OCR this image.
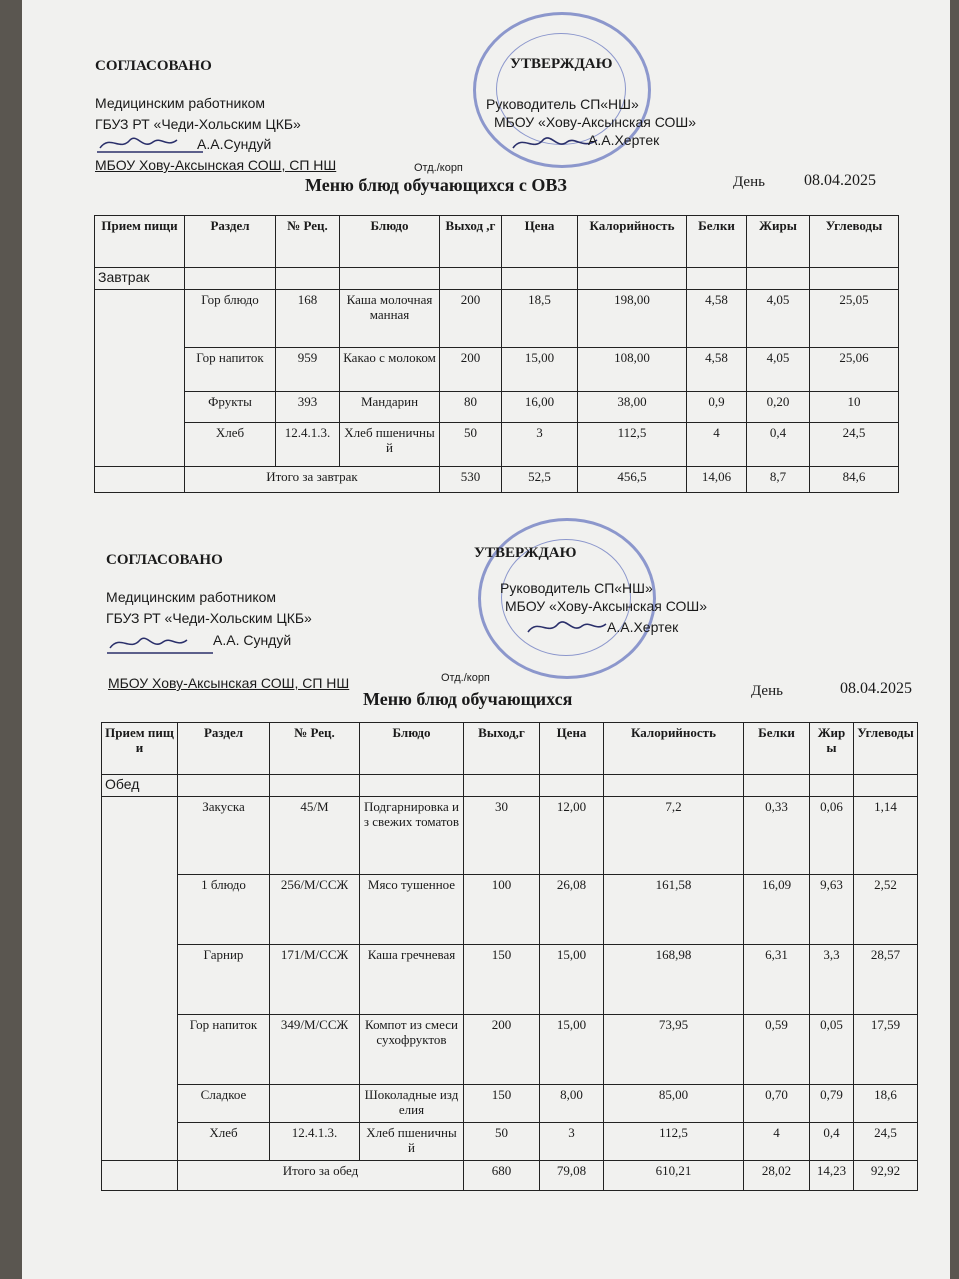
СОГЛАСОВАНО
Медицинским работником
ГБУЗ РТ «Чеди-Хольским ЦКБ»
А.А.Сундуй
МБОУ Хову-Аксынская СОШ, СП НШ	Отд./корп
УТВЕРЖДАЮ
Руководитель СП«НШ»
МБОУ «Хову-Аксынская СОШ»
А.А.Хертек
Меню блюд обучающихся с ОВЗ	День 08.04.2025
Прием пищи	Раздел	№ Рец.	Блюдо	Выход ,г	Цена	Калорийность	Белки	Жиры	Углеводы
Завтрак									
	Гор блюдо	168	Каша молочная манная	200	18,5	198,00	4,58	4,05	25,05
	Гор напиток	959	Какао с молоком	200	15,00	108,00	4,58	4,05	25,06
	Фрукты	393	Мандарин	80	16,00	38,00	0,9	0,20	10
	Хлеб	12.4.1.3.	Хлеб пшеничный	50	3	112,5	4	0,4	24,5
	Итого за завтрак			530	52,5	456,5	14,06	8,7	84,6
СОГЛАСОВАНО
Медицинским работником
ГБУЗ РТ «Чеди-Хольским ЦКБ»
А.А. Сундуй
МБОУ Хову-Аксынская СОШ, СП НШ	Отд./корп
УТВЕРЖДАЮ
Руководитель СП«НШ»
МБОУ «Хову-Аксынская СОШ»
А.А.Хертек
Меню блюд обучающихся	День	08.04.2025
Прием пищи	Раздел	№ Рец.	Блюдо	Выход,г	Цена	Калорийность	Белки	Жиры	Углеводы
Обед									
	Закуска	45/М	Подгарнировка из свежих томатов	30	12,00	7,2	0,33	0,06	1,14
	1 блюдо	256/М/ССЖ	Мясо тушенное	100	26,08	161,58	16,09	9,63	2,52
	Гарнир	171/М/ССЖ	Каша гречневая	150	15,00	168,98	6,31	3,3	28,57
	Гор напиток	349/М/ССЖ	Компот из смеси сухофруктов	200	15,00	73,95	0,59	0,05	17,59
	Сладкое		Шоколадные изделия	150	8,00	85,00	0,70	0,79	18,6
	Хлеб	12.4.1.3.	Хлеб пшеничный	50	3	112,5	4	0,4	24,5
	Итого за обед			680	79,08	610,21	28,02	14,23	92,92
